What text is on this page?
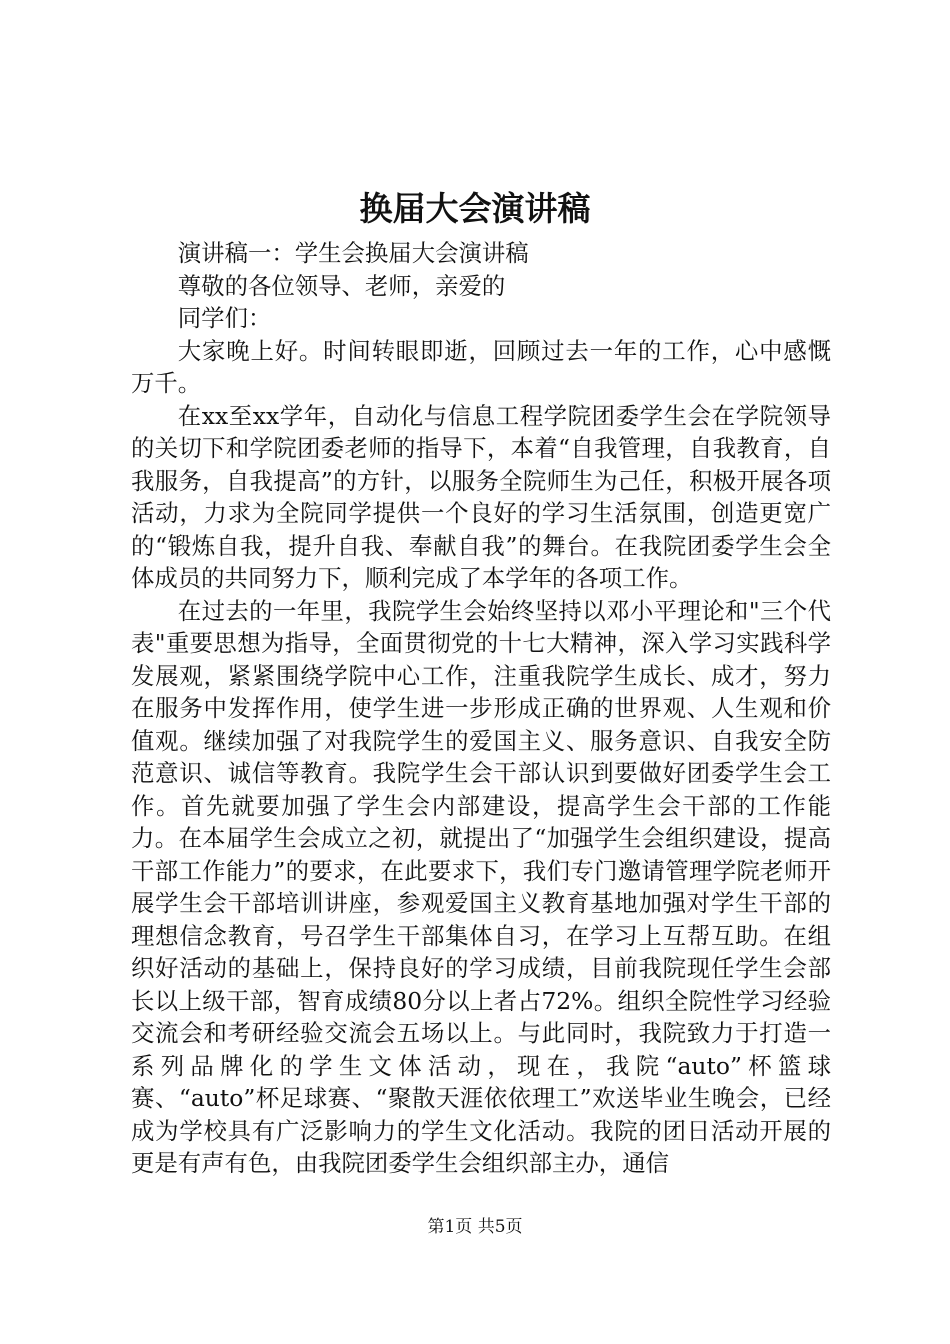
换届大会演讲稿

演讲稿一：学生会换届大会演讲稿

尊敬的各位领导、老师，亲爱的

同学们：

大家晚上好。时间转眼即逝，回顾过去一年的工作，心中感慨万千。

在xx至xx学年，自动化与信息工程学院团委学生会在学院领导的关切下和学院团委老师的指导下，本着“自我管理，自我教育，自我服务，自我提高”的方针，以服务全院师生为己任，积极开展各项活动，力求为全院同学提供一个良好的学习生活氛围，创造更宽广的“锻炼自我，提升自我、奉献自我”的舞台。在我院团委学生会全体成员的共同努力下，顺利完成了本学年的各项工作。

在过去的一年里，我院学生会始终坚持以邓小平理论和"三个代表"重要思想为指导，全面贯彻党的十七大精神，深入学习实践科学发展观，紧紧围绕学院中心工作，注重我院学生成长、成才，努力在服务中发挥作用，使学生进一步形成正确的世界观、人生观和价值观。继续加强了对我院学生的爱国主义、服务意识、自我安全防范意识、诚信等教育。我院学生会干部认识到要做好团委学生会工作。首先就要加强了学生会内部建设，提高学生会干部的工作能力。在本届学生会成立之初，就提出了“加强学生会组织建设，提高干部工作能力”的要求，在此要求下，我们专门邀请管理学院老师开展学生会干部培训讲座，参观爱国主义教育基地加强对学生干部的理想信念教育，号召学生干部集体自习，在学习上互帮互助。在组织好活动的基础上，保持良好的学习成绩，目前我院现任学生会部长以上级干部，智育成绩80分以上者占72%。组织全院性学习经验交流会和考研经验交流会五场以上。与此同时，我院致力于打造一系列品牌化的学生文体活动，现在，我院“auto”杯篮球赛、“auto”杯足球赛、“聚散天涯依依理工”欢送毕业生晚会，已经成为学校具有广泛影响力的学生文化活动。我院的团日活动开展的更是有声有色，由我院团委学生会组织部主办，通信

第1页 共5页
